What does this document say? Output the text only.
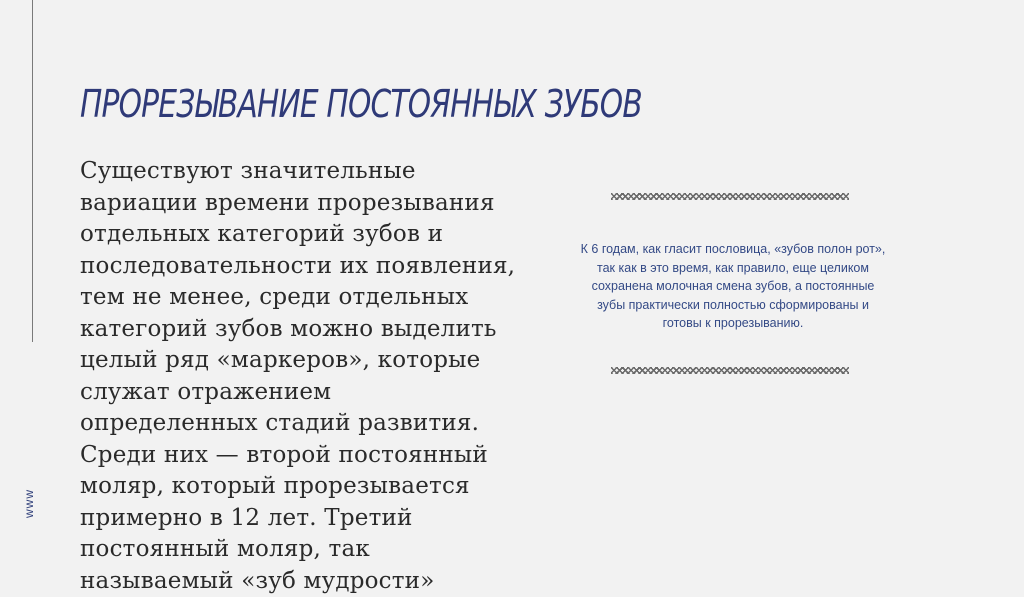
www
ПРОРЕЗЫВАНИЕ ПОСТОЯННЫХ ЗУБОВ
Существуют значительные
вариации времени прорезывания
отдельных категорий зубов и
последовательности их появления,
тем не менее, среди отдельных
категорий зубов можно выделить
целый ряд «маркеров», которые
служат отражением
определенных стадий развития.
Среди них — второй постоянный
моляр, который прорезывается
примерно в 12 лет. Третий
постоянный моляр, так
называемый «зуб мудрости»
К 6 годам, как гласит пословица, «зубов полон рот»,
так как в это время, как правило, еще целиком
сохранена молочная смена зубов, а постоянные
зубы практически полностью сформированы и
готовы к прорезыванию.
